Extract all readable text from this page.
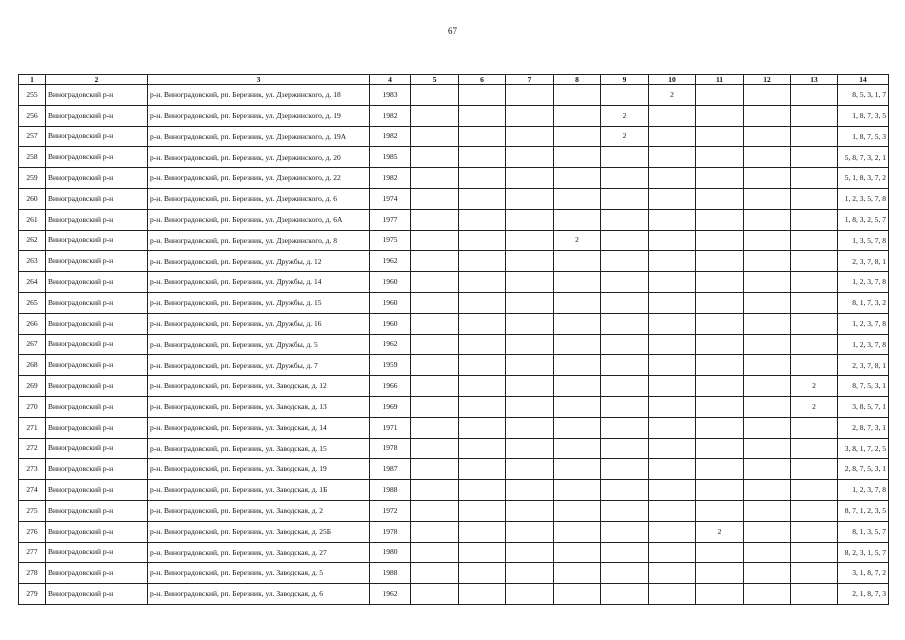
67
1	2	3	4	5	6	7	8	9	10	11	12	13	14
255	Виноградовский р-н	р-н. Виноградовский, рп. Березник, ул. Дзержинского, д. 18	1983						2				8, 5, 3, 1, 7
256	Виноградовский р-н	р-н. Виноградовский, рп. Березник, ул. Дзержинского, д. 19	1982					2					1, 8, 7, 3, 5
257	Виноградовский р-н	р-н. Виноградовский, рп. Березник, ул. Дзержинского, д. 19А	1982					2					1, 8, 7, 5, 3
258	Виноградовский р-н	р-н. Виноградовский, рп. Березник, ул. Дзержинского, д. 20	1985										5, 8, 7, 3, 2, 1
259	Виноградовский р-н	р-н. Виноградовский, рп. Березник, ул. Дзержинского, д. 22	1982										5, 1, 8, 3, 7, 2
260	Виноградовский р-н	р-н. Виноградовский, рп. Березник, ул. Дзержинского, д. 6	1974										1, 2, 3, 5, 7, 8
261	Виноградовский р-н	р-н. Виноградовский, рп. Березник, ул. Дзержинского, д. 6А	1977										1, 8, 3, 2, 5, 7
262	Виноградовский р-н	р-н. Виноградовский, рп. Березник, ул. Дзержинского, д. 8	1975				2						1, 3, 5, 7, 8
263	Виноградовский р-н	р-н. Виноградовский, рп. Березник, ул. Дружбы, д. 12	1962										2, 3, 7, 8, 1
264	Виноградовский р-н	р-н. Виноградовский, рп. Березник, ул. Дружбы, д. 14	1960										1, 2, 3, 7, 8
265	Виноградовский р-н	р-н. Виноградовский, рп. Березник, ул. Дружбы, д. 15	1960										8, 1, 7, 3, 2
266	Виноградовский р-н	р-н. Виноградовский, рп. Березник, ул. Дружбы, д. 16	1960										1, 2, 3, 7, 8
267	Виноградовский р-н	р-н. Виноградовский, рп. Березник, ул. Дружбы, д. 5	1962										1, 2, 3, 7, 8
268	Виноградовский р-н	р-н. Виноградовский, рп. Березник, ул. Дружбы, д. 7	1959										2, 3, 7, 8, 1
269	Виноградовский р-н	р-н. Виноградовский, рп. Березник, ул. Заводская, д. 12	1966									2	8, 7, 5, 3, 1
270	Виноградовский р-н	р-н. Виноградовский, рп. Березник, ул. Заводская, д. 13	1969									2	3, 8, 5, 7, 1
271	Виноградовский р-н	р-н. Виноградовский, рп. Березник, ул. Заводская, д. 14	1971										2, 8, 7, 3, 1
272	Виноградовский р-н	р-н. Виноградовский, рп. Березник, ул. Заводская, д. 15	1978										3, 8, 1, 7, 2, 5
273	Виноградовский р-н	р-н. Виноградовский, рп. Березник, ул. Заводская, д. 19	1987										2, 8, 7, 5, 3, 1
274	Виноградовский р-н	р-н. Виноградовский, рп. Березник, ул. Заводская, д. 1Б	1988										1, 2, 3, 7, 8
275	Виноградовский р-н	р-н. Виноградовский, рп. Березник, ул. Заводская, д. 2	1972										8, 7, 1, 2, 3, 5
276	Виноградовский р-н	р-н. Виноградовский, рп. Березник, ул. Заводская, д. 25Б	1978							2			8, 1, 3, 5, 7
277	Виноградовский р-н	р-н. Виноградовский, рп. Березник, ул. Заводская, д. 27	1980										8, 2, 3, 1, 5, 7
278	Виноградовский р-н	р-н. Виноградовский, рп. Березник, ул. Заводская, д. 5	1988										3, 1, 8, 7, 2
279	Виноградовский р-н	р-н. Виноградовский, рп. Березник, ул. Заводская, д. 6	1962										2, 1, 8, 7, 3
